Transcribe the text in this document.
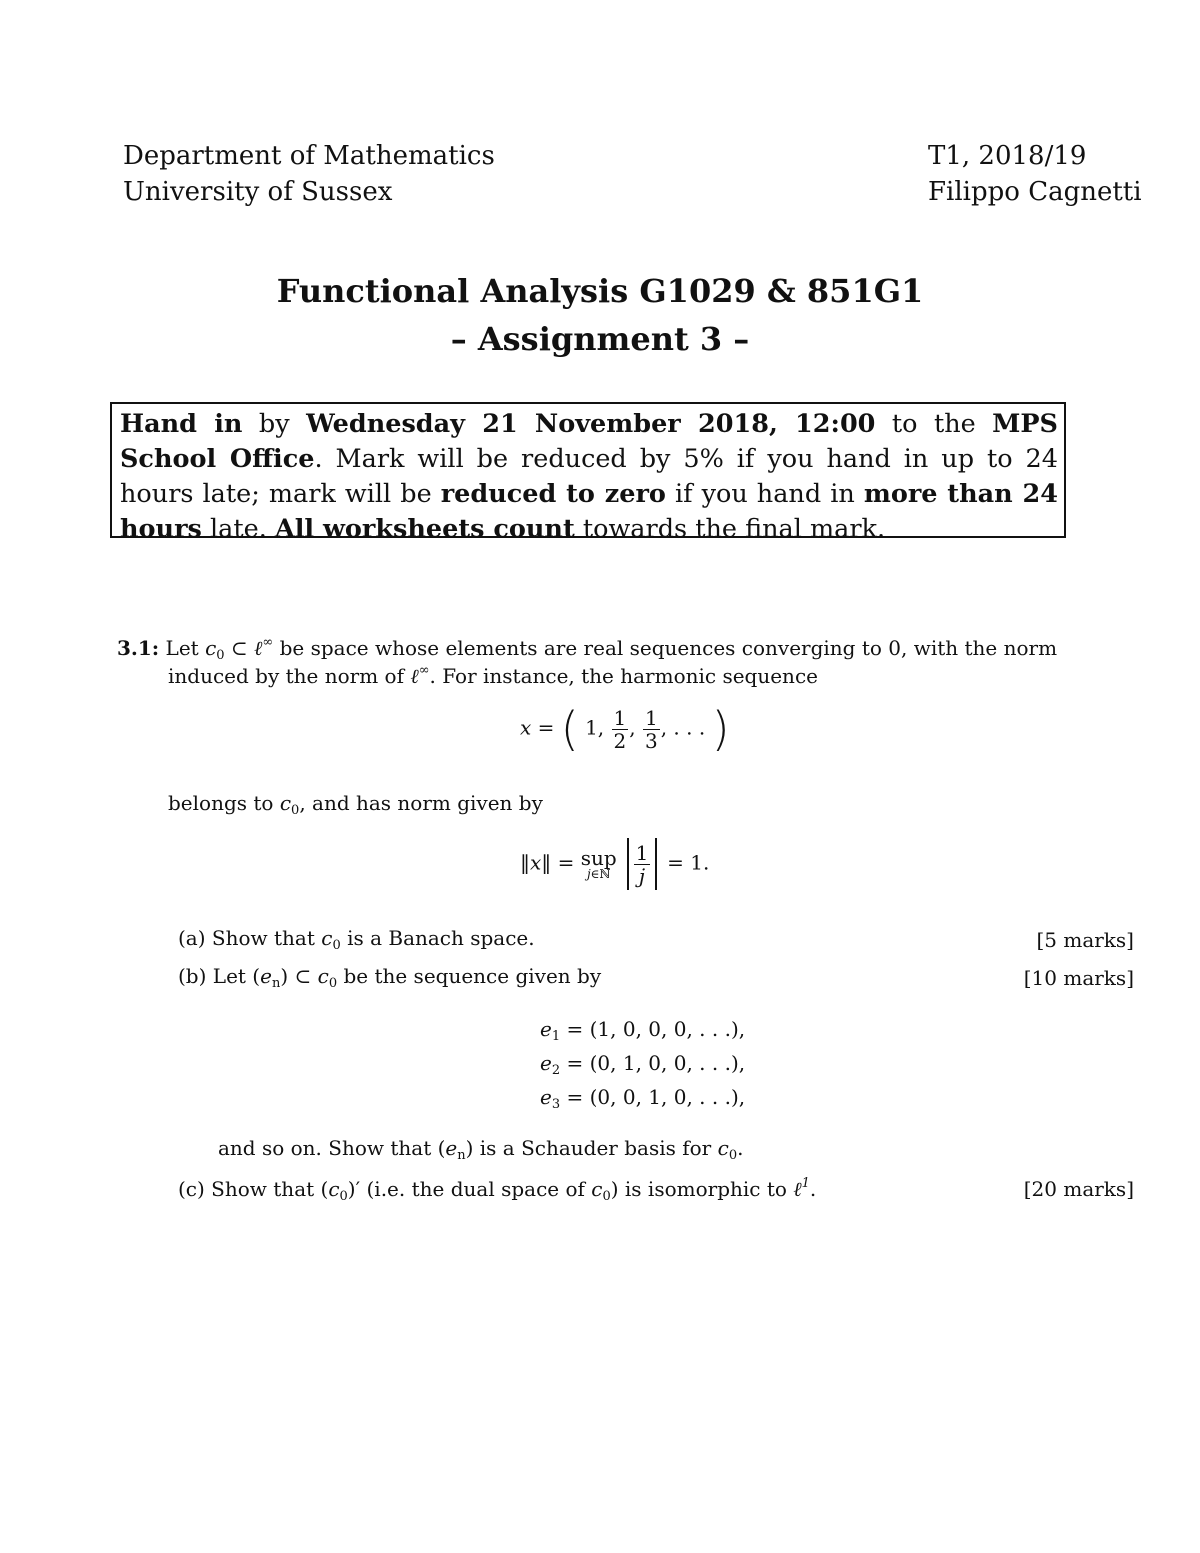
Department of Mathematics
University of Sussex
T1, 2018/19
Filippo Cagnetti
Functional Analysis G1029 & 851G1
– Assignment 3 –
Hand in by Wednesday 21 November 2018, 12:00 to the MPS School Office. Mark will be reduced by 5% if you hand in up to 24 hours late; mark will be reduced to zero if you hand in more than 24 hours late. All worksheets count towards the final mark.
3.1: Let $c_0$ ⊂ ℓ∞ be space whose elements are real sequences converging to 0, with the norm
induced by the norm of ℓ∞. For instance, the harmonic sequence
x = ( 1, $\frac{1}{2}$ , $\frac{1}{3}$ , . . . )
belongs to $c_0$, and has norm given by
‖x‖ = sup
j∈ℕ
	$\frac{1}{j} = 1$.
(a) Show that $c_0$ is a Banach space.	[5 marks]
(b) Let $(e_n)$ ⊂ $c_0$ be the sequence given by	[10 marks]
$e_1 = (1$, 0, 0, 0, . . .),
$e_2 = (0$, 1, 0, 0, . . .),
$e_3 = (0$, 0, 1, 0, . . .),
and so on. Show that $(e_n)$ is a Schauder basis for $c_0$.
(c) Show that $(c_0)'$ (i.e. the dual space of $c_0$) is isomorphic to ℓ$^1$.	[20 marks]
